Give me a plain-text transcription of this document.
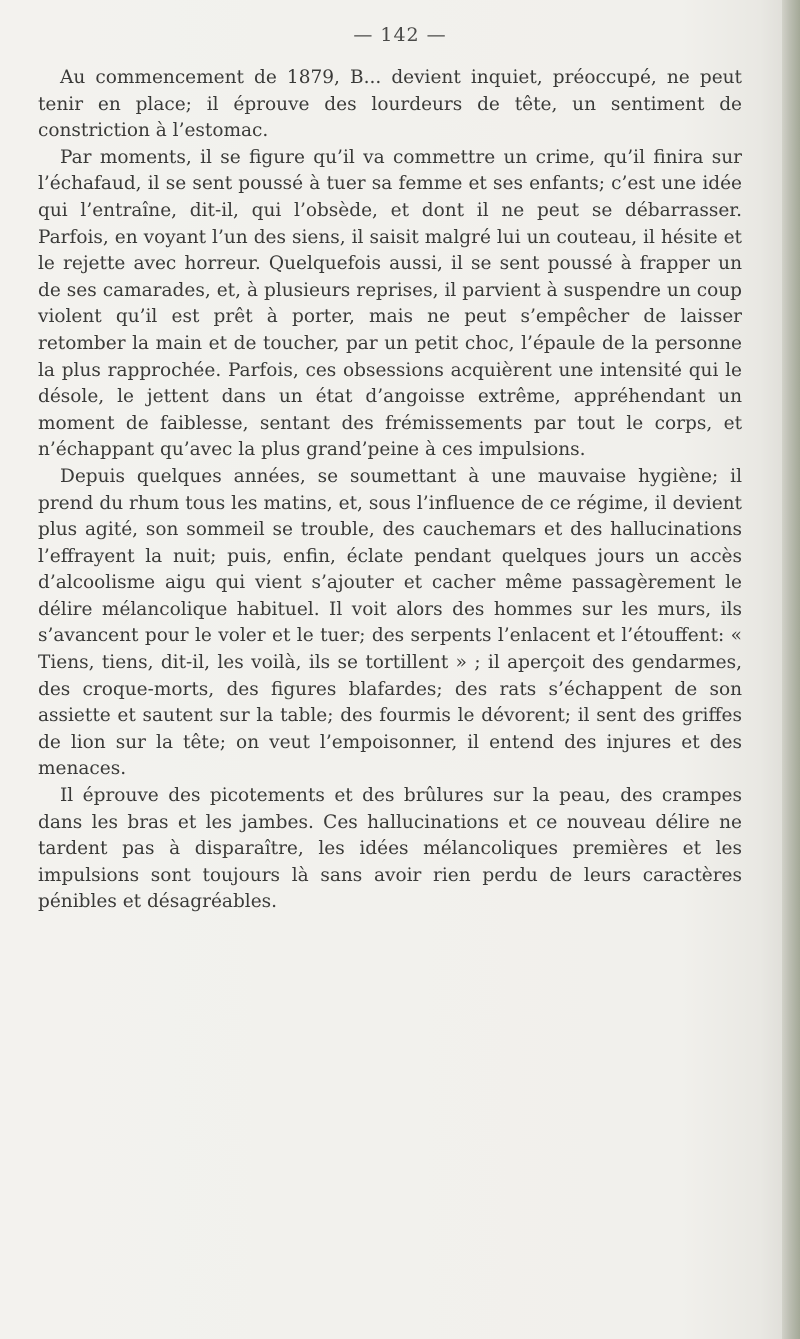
— 142 —

Au commencement de 1879, B... devient inquiet, préoccupé, ne peut tenir en place; il éprouve des lourdeurs de tête, un sentiment de constriction à l’estomac.

Par moments, il se figure qu’il va commettre un crime, qu’il finira sur l’échafaud, il se sent poussé à tuer sa femme et ses enfants; c’est une idée qui l’entraîne, dit-il, qui l’obsède, et dont il ne peut se débarrasser. Parfois, en voyant l’un des siens, il saisit malgré lui un couteau, il hésite et le rejette avec horreur. Quelquefois aussi, il se sent poussé à frapper un de ses camarades, et, à plusieurs reprises, il parvient à suspendre un coup violent qu’il est prêt à porter, mais ne peut s’empêcher de laisser retomber la main et de toucher, par un petit choc, l’épaule de la personne la plus rapprochée. Parfois, ces obsessions acquièrent une intensité qui le désole, le jettent dans un état d’angoisse extrême, appréhendant un moment de faiblesse, sentant des frémissements par tout le corps, et n’échappant qu’avec la plus grand’peine à ces impulsions.

Depuis quelques années, se soumettant à une mauvaise hygiène; il prend du rhum tous les matins, et, sous l’influence de ce régime, il devient plus agité, son sommeil se trouble, des cauchemars et des hallucinations l’effrayent la nuit; puis, enfin, éclate pendant quelques jours un accès d’alcoolisme aigu qui vient s’ajouter et cacher même passagèrement le délire mélancolique habituel. Il voit alors des hommes sur les murs, ils s’avancent pour le voler et le tuer; des serpents l’enlacent et l’étouffent: « Tiens, tiens, dit-il, les voilà, ils se tortillent » ; il aperçoit des gendarmes, des croque-morts, des figures blafardes; des rats s’échappent de son assiette et sautent sur la table; des fourmis le dévorent; il sent des griffes de lion sur la tête; on veut l’empoisonner, il entend des injures et des menaces.

Il éprouve des picotements et des brûlures sur la peau, des crampes dans les bras et les jambes. Ces hallucinations et ce nouveau délire ne tardent pas à disparaître, les idées mélancoliques premières et les impulsions sont toujours là sans avoir rien perdu de leurs caractères pénibles et désagréables.
